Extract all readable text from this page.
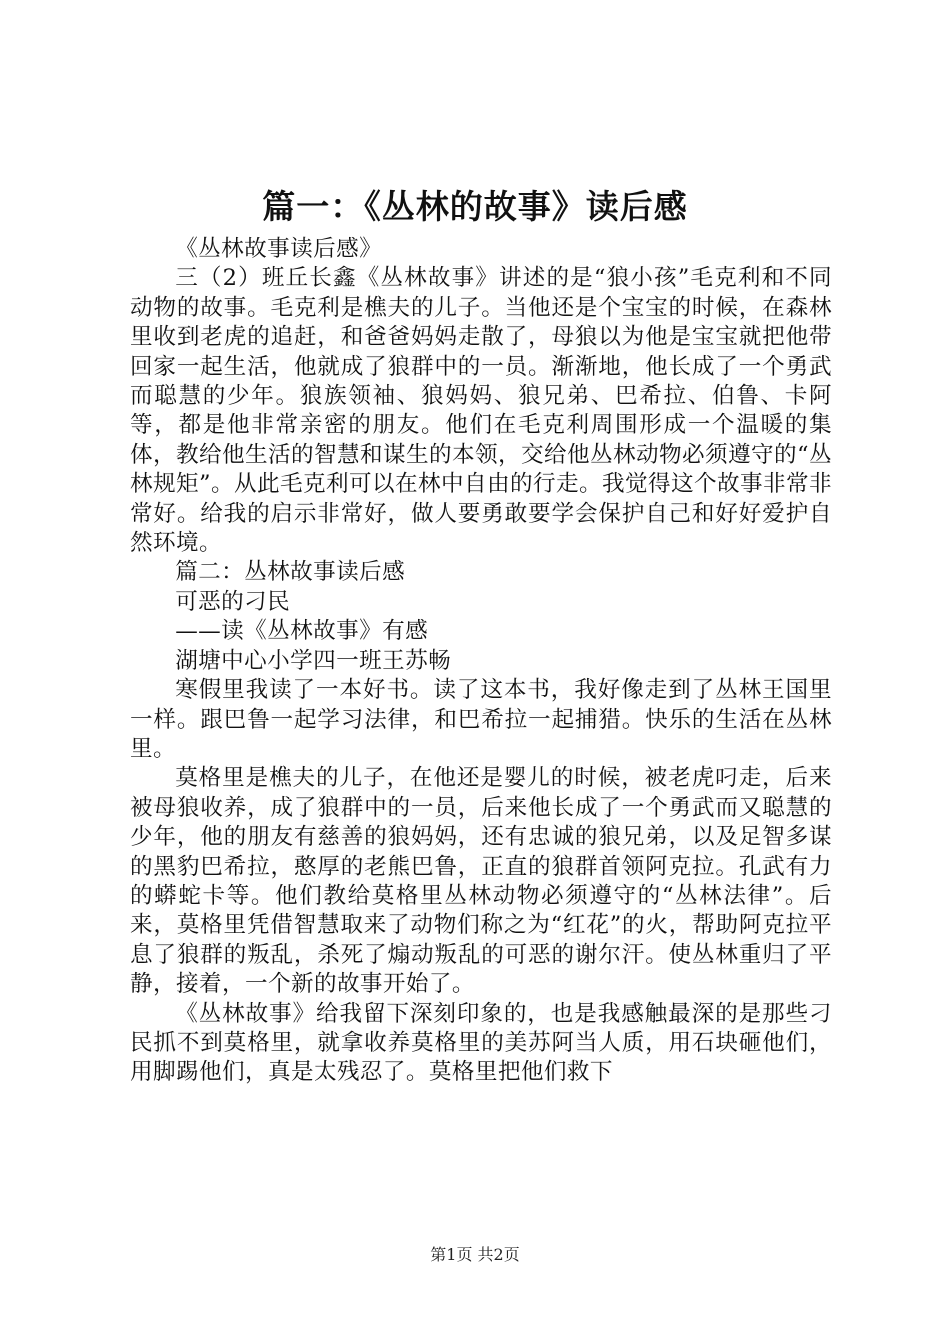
篇一：《丛林的故事》读后感

《丛林故事读后感》

三（2）班丘长鑫《丛林故事》讲述的是“狼小孩”毛克利和不同动物的故事。毛克利是樵夫的儿子。当他还是个宝宝的时候，在森林里收到老虎的追赶，和爸爸妈妈走散了，母狼以为他是宝宝就把他带回家一起生活，他就成了狼群中的一员。渐渐地，他长成了一个勇武而聪慧的少年。狼族领袖、狼妈妈、狼兄弟、巴希拉、伯鲁、卡阿等，都是他非常亲密的朋友。他们在毛克利周围形成一个温暖的集体，教给他生活的智慧和谋生的本领，交给他丛林动物必须遵守的“丛林规矩”。从此毛克利可以在林中自由的行走。我觉得这个故事非常非常好。给我的启示非常好，做人要勇敢要学会保护自己和好好爱护自然环境。

篇二：丛林故事读后感

可恶的刁民

——读《丛林故事》有感

湖塘中心小学四一班王苏畅

寒假里我读了一本好书。读了这本书，我好像走到了丛林王国里一样。跟巴鲁一起学习法律，和巴希拉一起捕猎。快乐的生活在丛林里。

莫格里是樵夫的儿子，在他还是婴儿的时候，被老虎叼走，后来被母狼收养，成了狼群中的一员，后来他长成了一个勇武而又聪慧的少年，他的朋友有慈善的狼妈妈，还有忠诚的狼兄弟，以及足智多谋的黑豹巴希拉，憨厚的老熊巴鲁，正直的狼群首领阿克拉。孔武有力的蟒蛇卡等。他们教给莫格里丛林动物必须遵守的“丛林法律”。后来，莫格里凭借智慧取来了动物们称之为“红花”的火，帮助阿克拉平息了狼群的叛乱，杀死了煽动叛乱的可恶的谢尔汗。使丛林重归了平静，接着，一个新的故事开始了。

《丛林故事》给我留下深刻印象的，也是我感触最深的是那些刁民抓不到莫格里，就拿收养莫格里的美苏阿当人质，用石块砸他们，用脚踢他们，真是太残忍了。莫格里把他们救下

第1页 共2页
